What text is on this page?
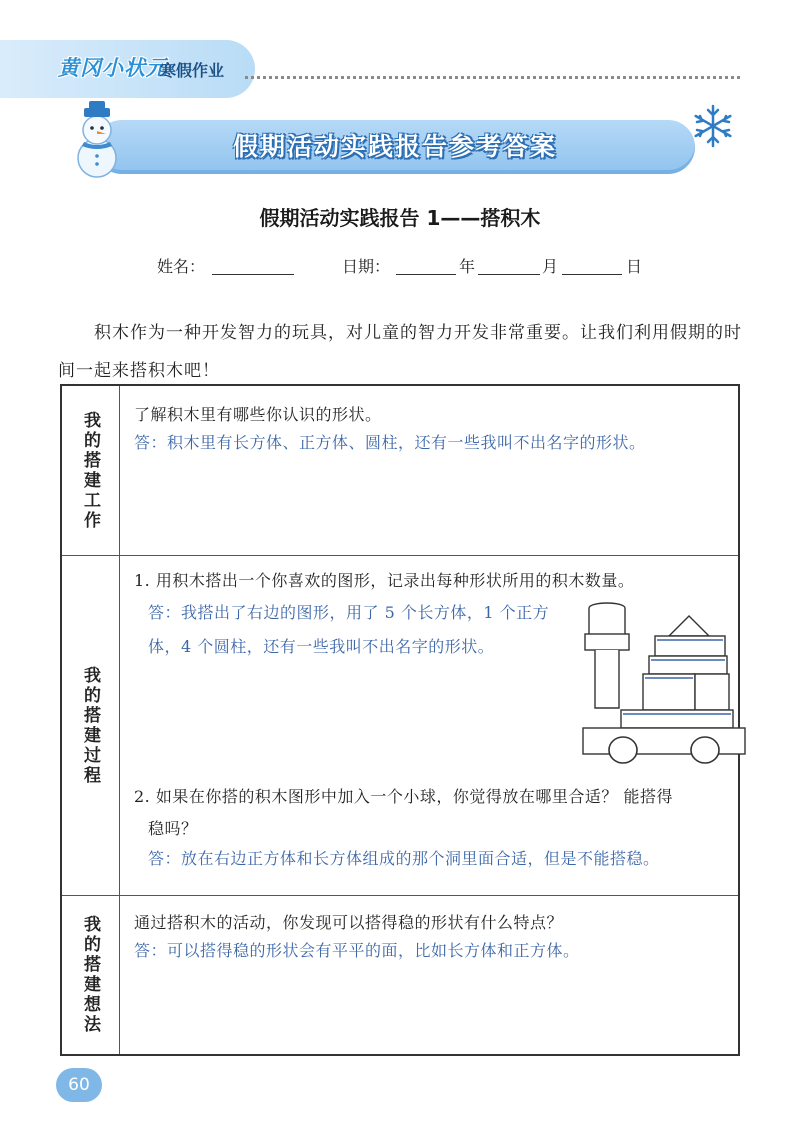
黄冈小状元
寒假作业
假期活动实践报告参考答案
假期活动实践报告 1——搭积木
姓名：	日期：	年	月	日
积木作为一种开发智力的玩具，对儿童的智力开发非常重要。让我们利用假期的时间一起来搭积木吧！
我的搭建工作 了解积木里有哪些你认识的形状。
答：积木里有长方体、正方体、圆柱，还有一些我叫不出名字的形状。
我的搭建过程
1. 用积木搭出一个你喜欢的图形，记录出每种形状所用的积木数量。
答：我搭出了右边的图形，用了 5 个长方体，1 个正方
体，4 个圆柱，还有一些我叫不出名字的形状。
2. 如果在你搭的积木图形中加入一个小球，你觉得放在哪里合适？ 能搭得
稳吗？
答：放在右边正方体和长方体组成的那个洞里面合适，但是不能搭稳。
我的搭建想法 通过搭积木的活动，你发现可以搭得稳的形状有什么特点？
答：可以搭得稳的形状会有平平的面，比如长方体和正方体。
60
